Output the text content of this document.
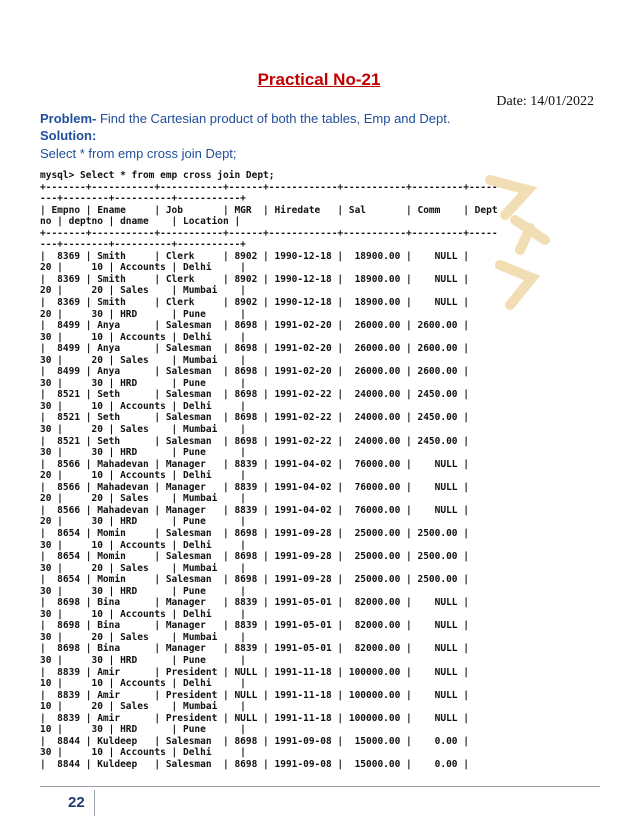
Practical No-21
Date: 14/01/2022
Problem- Find the Cartesian product of both the tables, Emp and Dept.
Solution:
Select * from emp cross join Dept;
mysql> Select * from emp cross join Dept;
+-------+-----------+-----------+------+------------+-----------+---------+-----
---+--------+----------+-----------+
| Empno | Ename     | Job       | MGR  | Hiredate   | Sal       | Comm    | Dept
no | deptno | dname    | Location |
+-------+-----------+-----------+------+------------+-----------+---------+-----
---+--------+----------+-----------+
|  8369 | Smith     | Clerk     | 8902 | 1990-12-18 |  18900.00 |    NULL |
20 |     10 | Accounts | Delhi     |
|  8369 | Smith     | Clerk     | 8902 | 1990-12-18 |  18900.00 |    NULL |
20 |     20 | Sales    | Mumbai    |
|  8369 | Smith     | Clerk     | 8902 | 1990-12-18 |  18900.00 |    NULL |
20 |     30 | HRD      | Pune      |
|  8499 | Anya      | Salesman  | 8698 | 1991-02-20 |  26000.00 | 2600.00 |
30 |     10 | Accounts | Delhi     |
|  8499 | Anya      | Salesman  | 8698 | 1991-02-20 |  26000.00 | 2600.00 |
30 |     20 | Sales    | Mumbai    |
|  8499 | Anya      | Salesman  | 8698 | 1991-02-20 |  26000.00 | 2600.00 |
30 |     30 | HRD      | Pune      |
|  8521 | Seth      | Salesman  | 8698 | 1991-02-22 |  24000.00 | 2450.00 |
30 |     10 | Accounts | Delhi     |
|  8521 | Seth      | Salesman  | 8698 | 1991-02-22 |  24000.00 | 2450.00 |
30 |     20 | Sales    | Mumbai    |
|  8521 | Seth      | Salesman  | 8698 | 1991-02-22 |  24000.00 | 2450.00 |
30 |     30 | HRD      | Pune      |
|  8566 | Mahadevan | Manager   | 8839 | 1991-04-02 |  76000.00 |    NULL |
20 |     10 | Accounts | Delhi     |
|  8566 | Mahadevan | Manager   | 8839 | 1991-04-02 |  76000.00 |    NULL |
20 |     20 | Sales    | Mumbai    |
|  8566 | Mahadevan | Manager   | 8839 | 1991-04-02 |  76000.00 |    NULL |
20 |     30 | HRD      | Pune      |
|  8654 | Momin     | Salesman  | 8698 | 1991-09-28 |  25000.00 | 2500.00 |
30 |     10 | Accounts | Delhi     |
|  8654 | Momin     | Salesman  | 8698 | 1991-09-28 |  25000.00 | 2500.00 |
30 |     20 | Sales    | Mumbai    |
|  8654 | Momin     | Salesman  | 8698 | 1991-09-28 |  25000.00 | 2500.00 |
30 |     30 | HRD      | Pune      |
|  8698 | Bina      | Manager   | 8839 | 1991-05-01 |  82000.00 |    NULL |
30 |     10 | Accounts | Delhi     |
|  8698 | Bina      | Manager   | 8839 | 1991-05-01 |  82000.00 |    NULL |
30 |     20 | Sales    | Mumbai    |
|  8698 | Bina      | Manager   | 8839 | 1991-05-01 |  82000.00 |    NULL |
30 |     30 | HRD      | Pune      |
|  8839 | Amir      | President | NULL | 1991-11-18 | 100000.00 |    NULL |
10 |     10 | Accounts | Delhi     |
|  8839 | Amir      | President | NULL | 1991-11-18 | 100000.00 |    NULL |
10 |     20 | Sales    | Mumbai    |
|  8839 | Amir      | President | NULL | 1991-11-18 | 100000.00 |    NULL |
10 |     30 | HRD      | Pune      |
|  8844 | Kuldeep   | Salesman  | 8698 | 1991-09-08 |  15000.00 |    0.00 |
30 |     10 | Accounts | Delhi     |
|  8844 | Kuldeep   | Salesman  | 8698 | 1991-09-08 |  15000.00 |    0.00 |
22
